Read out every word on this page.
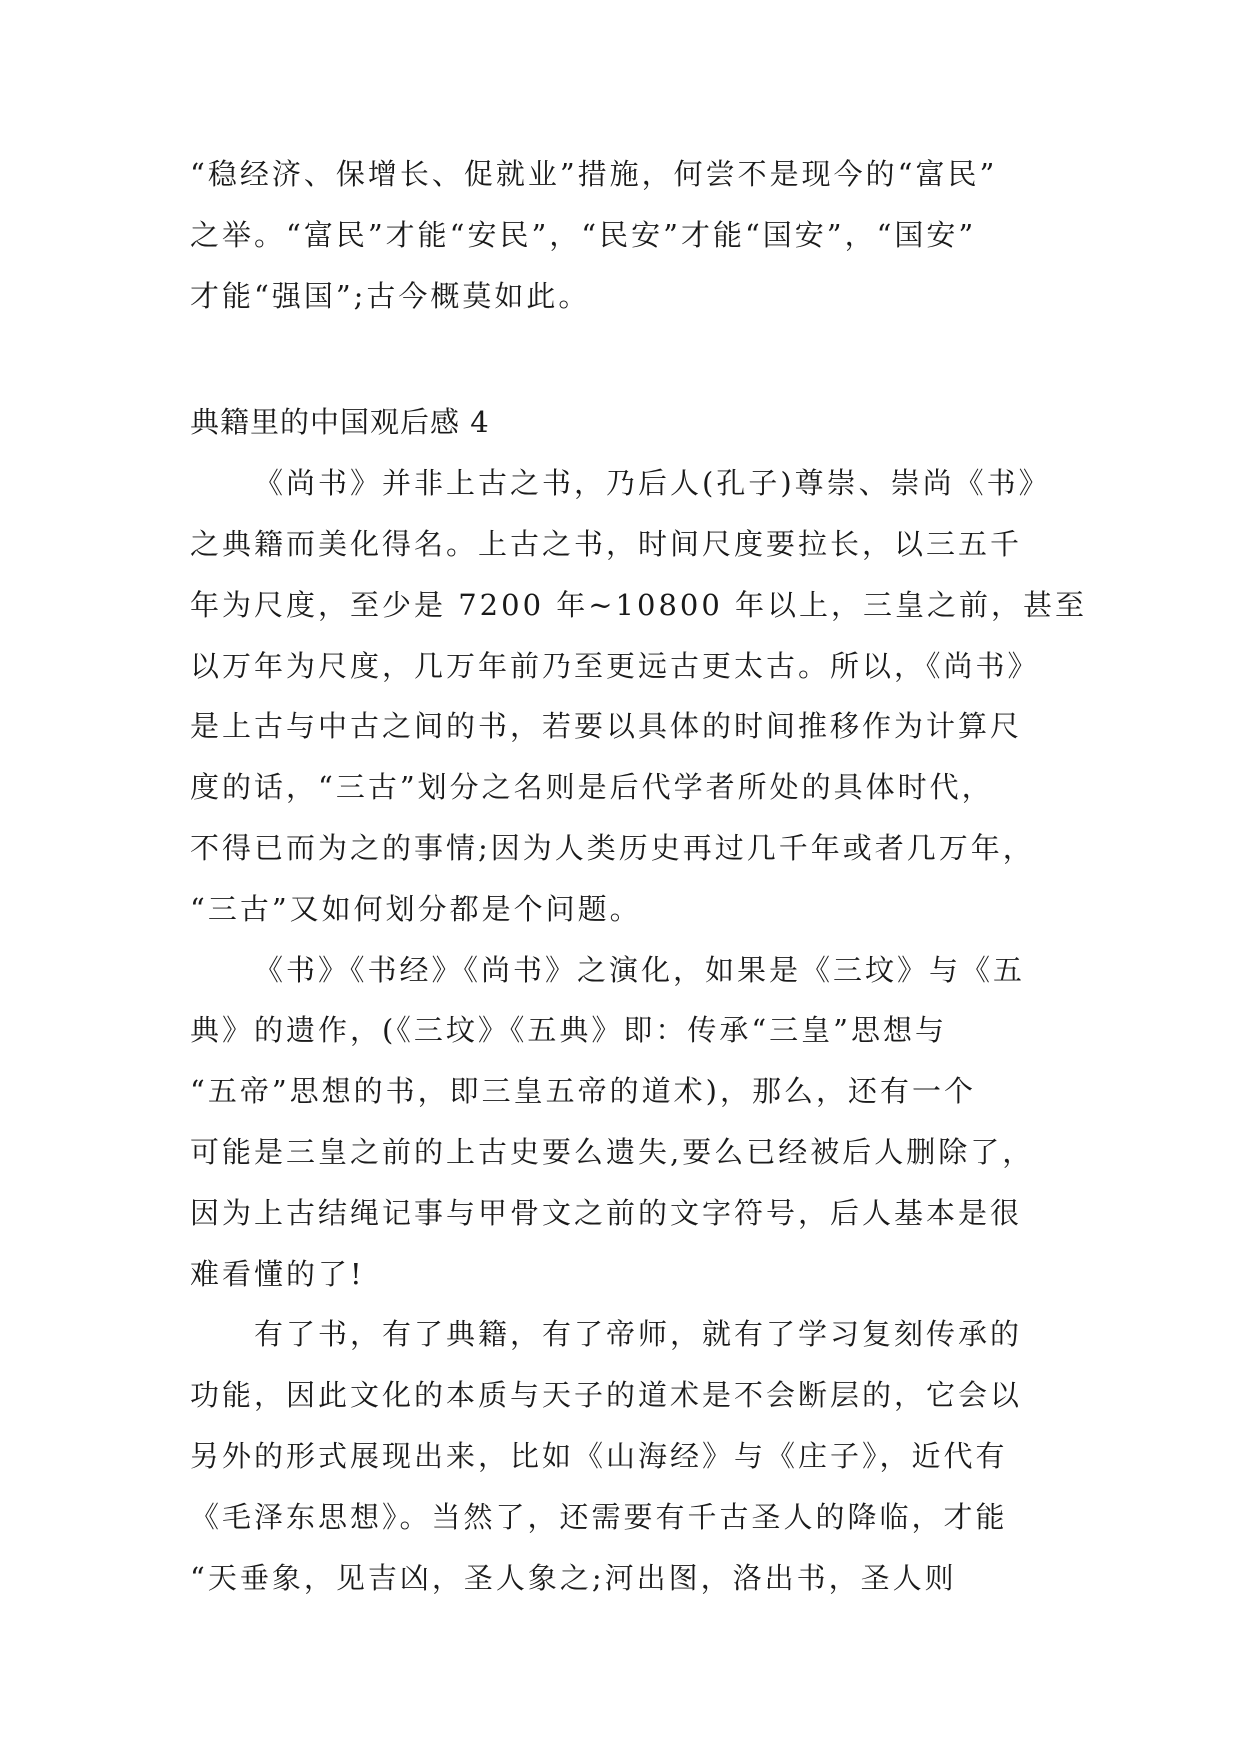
“稳经济、保增长、促就业”措施，何尝不是现今的“富民”
之举。“富民”才能“安民”，“民安”才能“国安”，“国安”
才能“强国”;古今概莫如此。
典籍里的中国观后感 4
《尚书》并非上古之书，乃后人(孔子)尊崇、崇尚《书》
之典籍而美化得名。上古之书，时间尺度要拉长，以三五千
年为尺度，至少是 7200 年~10800 年以上，三皇之前，甚至
以万年为尺度，几万年前乃至更远古更太古。所以，《尚书》
是上古与中古之间的书，若要以具体的时间推移作为计算尺
度的话，“三古”划分之名则是后代学者所处的具体时代，
不得已而为之的事情;因为人类历史再过几千年或者几万年，
“三古”又如何划分都是个问题。
《书》《书经》《尚书》之演化，如果是《三坟》与《五
典》的遗作，(《三坟》《五典》即：传承“三皇”思想与
“五帝”思想的书，即三皇五帝的道术)，那么，还有一个
可能是三皇之前的上古史要么遗失,要么已经被后人删除了，
因为上古结绳记事与甲骨文之前的文字符号，后人基本是很
难看懂的了!
有了书，有了典籍，有了帝师，就有了学习复刻传承的
功能，因此文化的本质与天子的道术是不会断层的，它会以
另外的形式展现出来，比如《山海经》与《庄子》，近代有
《毛泽东思想》。当然了，还需要有千古圣人的降临，才能
“天垂象，见吉凶，圣人象之;河出图，洛出书，圣人则
